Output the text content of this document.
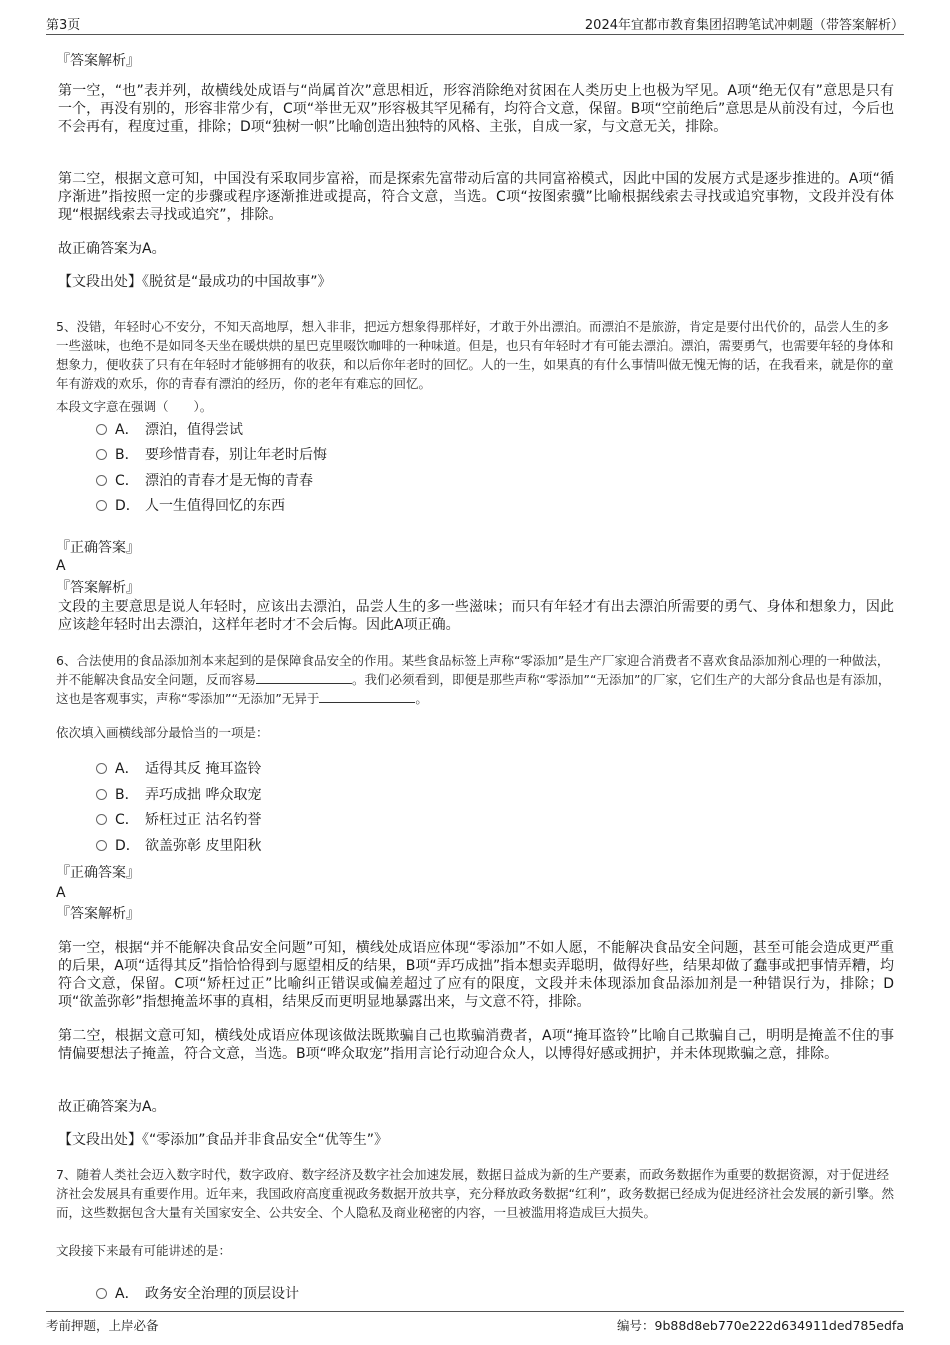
第3页	2024年宜都市教育集团招聘笔试冲刺题（带答案解析）

『答案解析』

第一空，“也”表并列，故横线处成语与“尚属首次”意思相近，形容消除绝对贫困在人类历史上也极为罕见。A项“绝无仅有”意思是只有一个，再没有别的，形容非常少有，C项“举世无双”形容极其罕见稀有，均符合文意，保留。B项“空前绝后”意思是从前没有过，今后也不会再有，程度过重，排除；D项“独树一帜”比喻创造出独特的风格、主张，自成一家，与文意无关，排除。

第二空，根据文意可知，中国没有采取同步富裕，而是探索先富带动后富的共同富裕模式，因此中国的发展方式是逐步推进的。A项“循序渐进”指按照一定的步骤或程序逐渐推进或提高，符合文意，当选。C项“按图索骥”比喻根据线索去寻找或追究事物，文段并没有体现“根据线索去寻找或追究”，排除。

故正确答案为A。

【文段出处】《脱贫是“最成功的中国故事”》

5、没错，年轻时心不安分，不知天高地厚，想入非非，把远方想象得那样好，才敢于外出漂泊。而漂泊不是旅游，肯定是要付出代价的，品尝人生的多一些滋味，也绝不是如同冬天坐在暖烘烘的星巴克里啜饮咖啡的一种味道。但是，也只有年轻时才有可能去漂泊。漂泊，需要勇气，也需要年轻的身体和想象力，便收获了只有在年轻时才能够拥有的收获，和以后你年老时的回忆。人的一生，如果真的有什么事情叫做无愧无悔的话，在我看来，就是你的童年有游戏的欢乐，你的青春有漂泊的经历，你的老年有难忘的回忆。

本段文字意在强调（　　）。

A． 漂泊，值得尝试
B． 要珍惜青春，别让年老时后悔
C． 漂泊的青春才是无悔的青春
D． 人一生值得回忆的东西

『正确答案』

A

『答案解析』

文段的主要意思是说人年轻时，应该出去漂泊，品尝人生的多一些滋味；而只有年轻才有出去漂泊所需要的勇气、身体和想象力，因此应该趁年轻时出去漂泊，这样年老时才不会后悔。因此A项正确。

6、合法使用的食品添加剂本来起到的是保障食品安全的作用。某些食品标签上声称“零添加”是生产厂家迎合消费者不喜欢食品添加剂心理的一种做法，并不能解决食品安全问题，反而容易	。我们必须看到，即便是那些声称“零添加”“无添加”的厂家，它们生产的大部分食品也是有添加，这也是客观事实，声称“零添加”“无添加”无异于	。

依次填入画横线部分最恰当的一项是：

A． 适得其反 掩耳盗铃
B． 弄巧成拙 哗众取宠
C． 矫枉过正 沽名钓誉
D． 欲盖弥彰 皮里阳秋

『正确答案』

A

『答案解析』

第一空，根据“并不能解决食品安全问题”可知，横线处成语应体现“零添加”不如人愿，不能解决食品安全问题，甚至可能会造成更严重的后果，A项“适得其反”指恰恰得到与愿望相反的结果，B项“弄巧成拙”指本想卖弄聪明，做得好些，结果却做了蠢事或把事情弄糟，均符合文意，保留。C项“矫枉过正”比喻纠正错误或偏差超过了应有的限度，文段并未体现添加食品添加剂是一种错误行为，排除；D项“欲盖弥彰”指想掩盖坏事的真相，结果反而更明显地暴露出来，与文意不符，排除。

第二空，根据文意可知，横线处成语应体现该做法既欺骗自己也欺骗消费者，A项“掩耳盗铃”比喻自己欺骗自己，明明是掩盖不住的事情偏要想法子掩盖，符合文意，当选。B项“哗众取宠”指用言论行动迎合众人，以博得好感或拥护，并未体现欺骗之意，排除。

故正确答案为A。

【文段出处】《“零添加”食品并非食品安全“优等生”》

7、随着人类社会迈入数字时代，数字政府、数字经济及数字社会加速发展，数据日益成为新的生产要素，而政务数据作为重要的数据资源，对于促进经济社会发展具有重要作用。近年来，我国政府高度重视政务数据开放共享，充分释放政务数据“红利”，政务数据已经成为促进经济社会发展的新引擎。然而，这些数据包含大量有关国家安全、公共安全、个人隐私及商业秘密的内容，一旦被滥用将造成巨大损失。

文段接下来最有可能讲述的是：

A． 政务安全治理的顶层设计
考前押题，上岸必备	编号：9b88d8eb770e222d634911ded785edfa
